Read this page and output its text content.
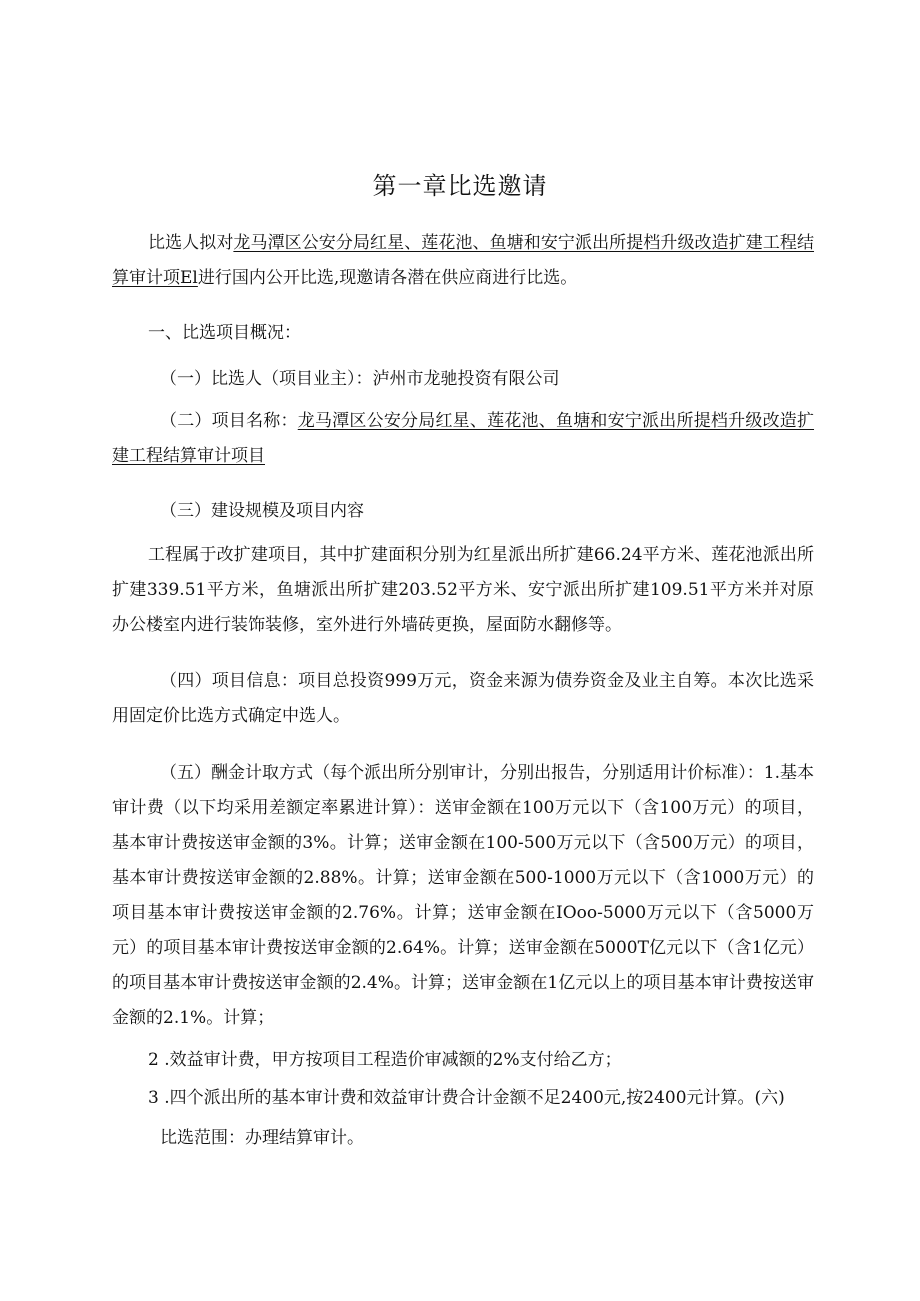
第一章比选邀请
比选人拟对龙马潭区公安分局红星、莲花池、鱼塘和安宁派出所提档升级改造扩建工程结算审计项El进行国内公开比选,现邀请各潜在供应商进行比选。
一、比选项目概况：
（一）比选人（项目业主）：泸州市龙驰投资有限公司
（二）项目名称：龙马潭区公安分局红星、莲花池、鱼塘和安宁派出所提档升级改造扩建工程结算审计项目
（三）建设规模及项目内容
工程属于改扩建项目，其中扩建面积分别为红星派出所扩建66.24平方米、莲花池派出所扩建339.51平方米，鱼塘派出所扩建203.52平方米、安宁派出所扩建109.51平方米并对原办公楼室内进行装饰装修，室外进行外墙砖更换，屋面防水翻修等。
（四）项目信息：项目总投资999万元，资金来源为债券资金及业主自筹。本次比选采用固定价比选方式确定中选人。
（五）酬金计取方式（每个派出所分别审计，分别出报告，分别适用计价标准）：1.基本审计费（以下均采用差额定率累进计算）：送审金额在100万元以下（含100万元）的项目，基本审计费按送审金额的3%。计算；送审金额在100-500万元以下（含500万元）的项目，基本审计费按送审金额的2.88%。计算；送审金额在500-1000万元以下（含1000万元）的项目基本审计费按送审金额的2.76%。计算；送审金额在IOoo-5000万元以下（含5000万元）的项目基本审计费按送审金额的2.64%。计算；送审金额在5000T亿元以下（含1亿元）的项目基本审计费按送审金额的2.4%。计算；送审金额在1亿元以上的项目基本审计费按送审金额的2.1%。计算；
2 .效益审计费，甲方按项目工程造价审减额的2%支付给乙方；
3 .四个派出所的基本审计费和效益审计费合计金额不足2400元,按2400元计算。(六)
比选范围：办理结算审计。
